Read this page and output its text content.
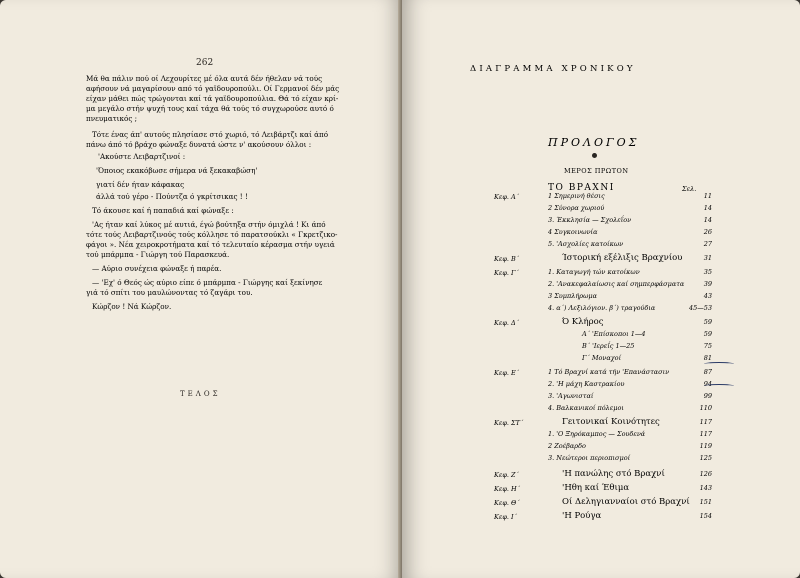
262
ΤΕΛΟΣ
Μά θα πάλιν πού οί Λεχουρίτες μέ όλα αυτά δέν ήθελαν νά τούς
αφήσουν νά μαγαρίσουν από τό γαϊδουροπούλι. Οί Γερμανοί δέν μάς
είχαν μάθει πώς τρώγονται καί τά γαϊδουροπούλια. Θά τό είχαν κρί-
μα μεγάλο στήν ψυχή τους καί τάχα θά τούς τό συγχωρούσε αυτό ό
πνευματικός ;
Τότε ένας άπ' αυτούς πλησίασε στό χωριό, τό Λειβάρτζι καί άπό
πάνω άπό τό βράχο φώναξε δυνατά ώστε ν' ακούσουν όλλοι :
'Ακούστε Λειβαρτζινοί :
'Όποιος εκακόβωσε σήμερα νά ξεκακαβώση'
γιατί δέν ήταν κάφακας
άλλά τού γέρο - Πούντζα ό γκρίτσικας ! !
Τό άκουσε καί ή παπαδιά καί φώναξε :
'Ας ήταν καί λύκος μέ αυτιά, έγώ βούτηξα στήν όμιχλά ! Κι άπό
τότε τούς Λειβαρτζινούς τούς κόλλησε τό παρατσούκλι « Γκρετζικο-
φάγοι ». Νέα χειροκροτήματα καί τό τελευταίο κέρασμα στήν υγειά
τού μπάρμπα - Γιώργη τού Παρασκευά.
— Αύριο συνέχεια φώναξε ή παρέα.
— 'Εχ' ό Θεός ώς αύριο είπε ό μπάρμπα - Γιώργης καί ξεκίνησε
γιά τό σπίτι του μαυλώνοντας τό ζαγάρι του.
Κώρζον ! Νά Κώρζον.
ΔΙΑΓΡΑΜΜΑ ΧΡΟΝΙΚΟΥ
ΠΡΟΛΟΓΟΣ
ΜΕΡΟΣ ΠΡΩΤΟΝ
ΤΟ ΒΡΑΧΝΙ	Σελ.
Κεφ. Α΄	1 Σημερινή θέσις	11
2 Σύνορα χωριού	14
3. Έκκλησία — Σχολεΐον	14
4 Συγκοινωνία	26
5. 'Ασχολίες κατοίκων	27
Κεφ. Β΄	Ίστορική εξέλιξις Βραχνίου	31
Κεφ. Γ΄	1. Καταγωγή τών κατοίκων	35
2. 'Ανακεφαλαίωσις καί σημπερφάσματα	39
3 Συμπλήρωμα	43
4. α΄) Λεξιλόγιον. β΄) τραγούδια	45—53
Κεφ. Δ΄	Ό Κλήρος	59
Α΄ 'Επίσκοποι 1—4	59
Β΄ 'Ιερεΐς 1—25	75
Γ΄ Μοναχοί	81
Κεφ. Ε΄	1 Τό Βραχνί κατά τήν 'Επανάστασιν	87
2. 'Η μάχη Καστρακίου	94
3. 'Αγωνισταί	99
4. Βαλκανικοί πόλεμοι	110
Κεφ. ΣΤ΄	Γειτονικαί Κοινότητες	117
1. 'Ο Ξηρόκαμπος — Σουδενά	117
2 Ζοέβαρδο	119
3. Νεώτεροι περιοπισμοί	125
Κεφ. Ζ΄	'Η πανώλης στό Βραχνί	126
Κεφ. Η΄	'Ηθη καί Έθιμα	143
Κεφ. Θ΄	Οί Δεληγιανναίοι στό Βραχνί	151
Κεφ. Ι΄	'Η Ρούγα	154
